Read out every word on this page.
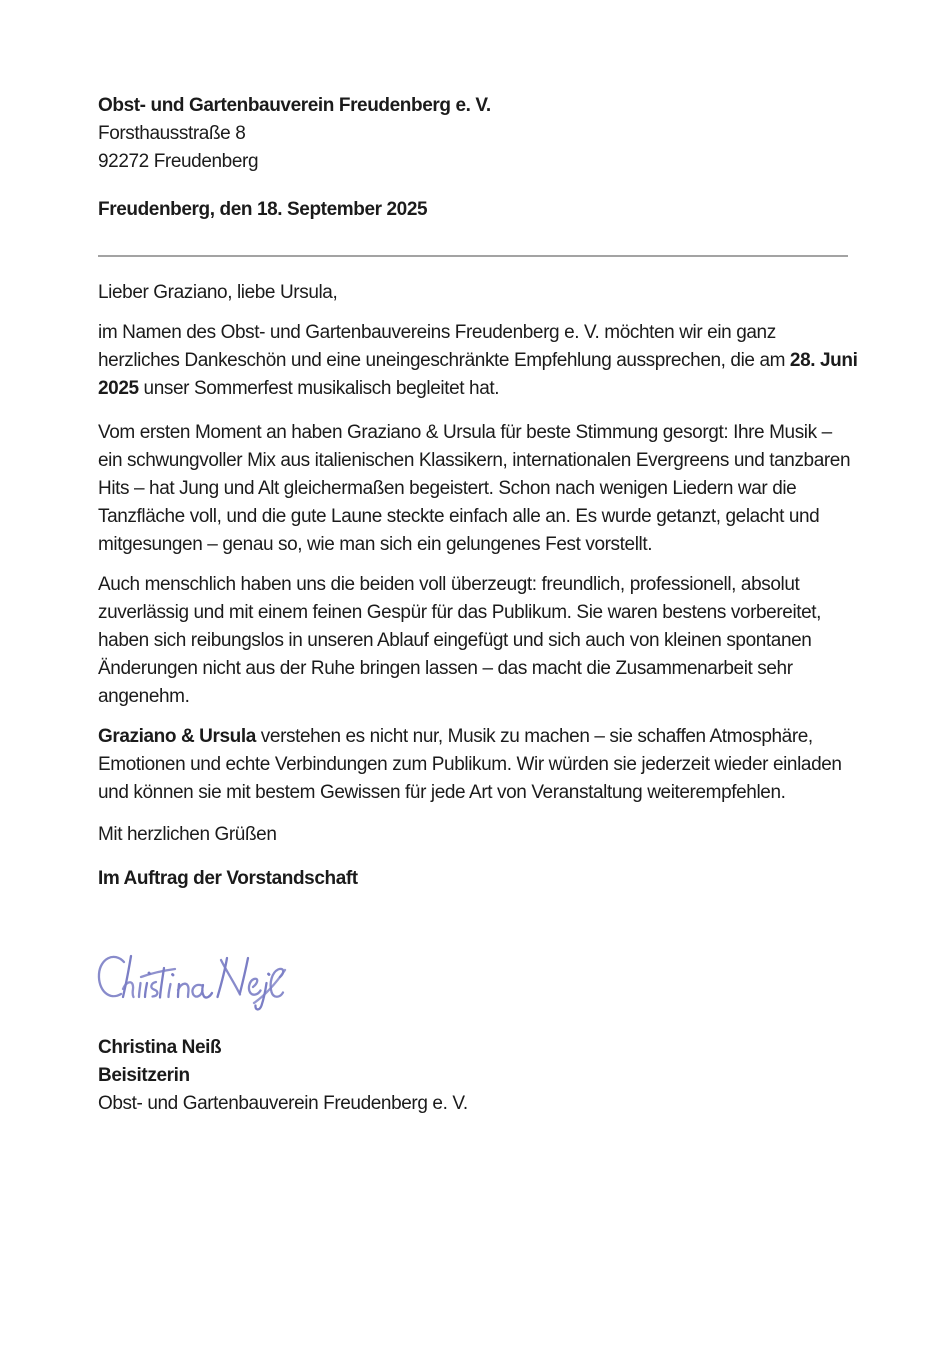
Obst- und Gartenbauverein Freudenberg e. V.
Forsthausstraße 8
92272 Freudenberg
Freudenberg, den 18. September 2025
Lieber Graziano, liebe Ursula,

im Namen des Obst- und Gartenbauvereins Freudenberg e. V. möchten wir ein ganz herzliches Dankeschön und eine uneingeschränkte Empfehlung aussprechen, die am 28. Juni 2025 unser Sommerfest musikalisch begleitet hat.

Vom ersten Moment an haben Graziano & Ursula für beste Stimmung gesorgt: Ihre Musik – ein schwungvoller Mix aus italienischen Klassikern, internationalen Evergreens und tanzbaren Hits – hat Jung und Alt gleichermaßen begeistert. Schon nach wenigen Liedern war die Tanzfläche voll, und die gute Laune steckte einfach alle an. Es wurde getanzt, gelacht und mitgesungen – genau so, wie man sich ein gelungenes Fest vorstellt.

Auch menschlich haben uns die beiden voll überzeugt: freundlich, professionell, absolut zuverlässig und mit einem feinen Gespür für das Publikum. Sie waren bestens vorbereitet, haben sich reibungslos in unseren Ablauf eingefügt und sich auch von kleinen spontanen Änderungen nicht aus der Ruhe bringen lassen – das macht die Zusammenarbeit sehr angenehm.

Graziano & Ursula verstehen es nicht nur, Musik zu machen – sie schaffen Atmosphäre, Emotionen und echte Verbindungen zum Publikum. Wir würden sie jederzeit wieder einladen und können sie mit bestem Gewissen für jede Art von Veranstaltung weiterempfehlen.

Mit herzlichen Grüßen
Im Auftrag der Vorstandschaft
Christina Neiß
Beisitzerin
Obst- und Gartenbauverein Freudenberg e. V.
